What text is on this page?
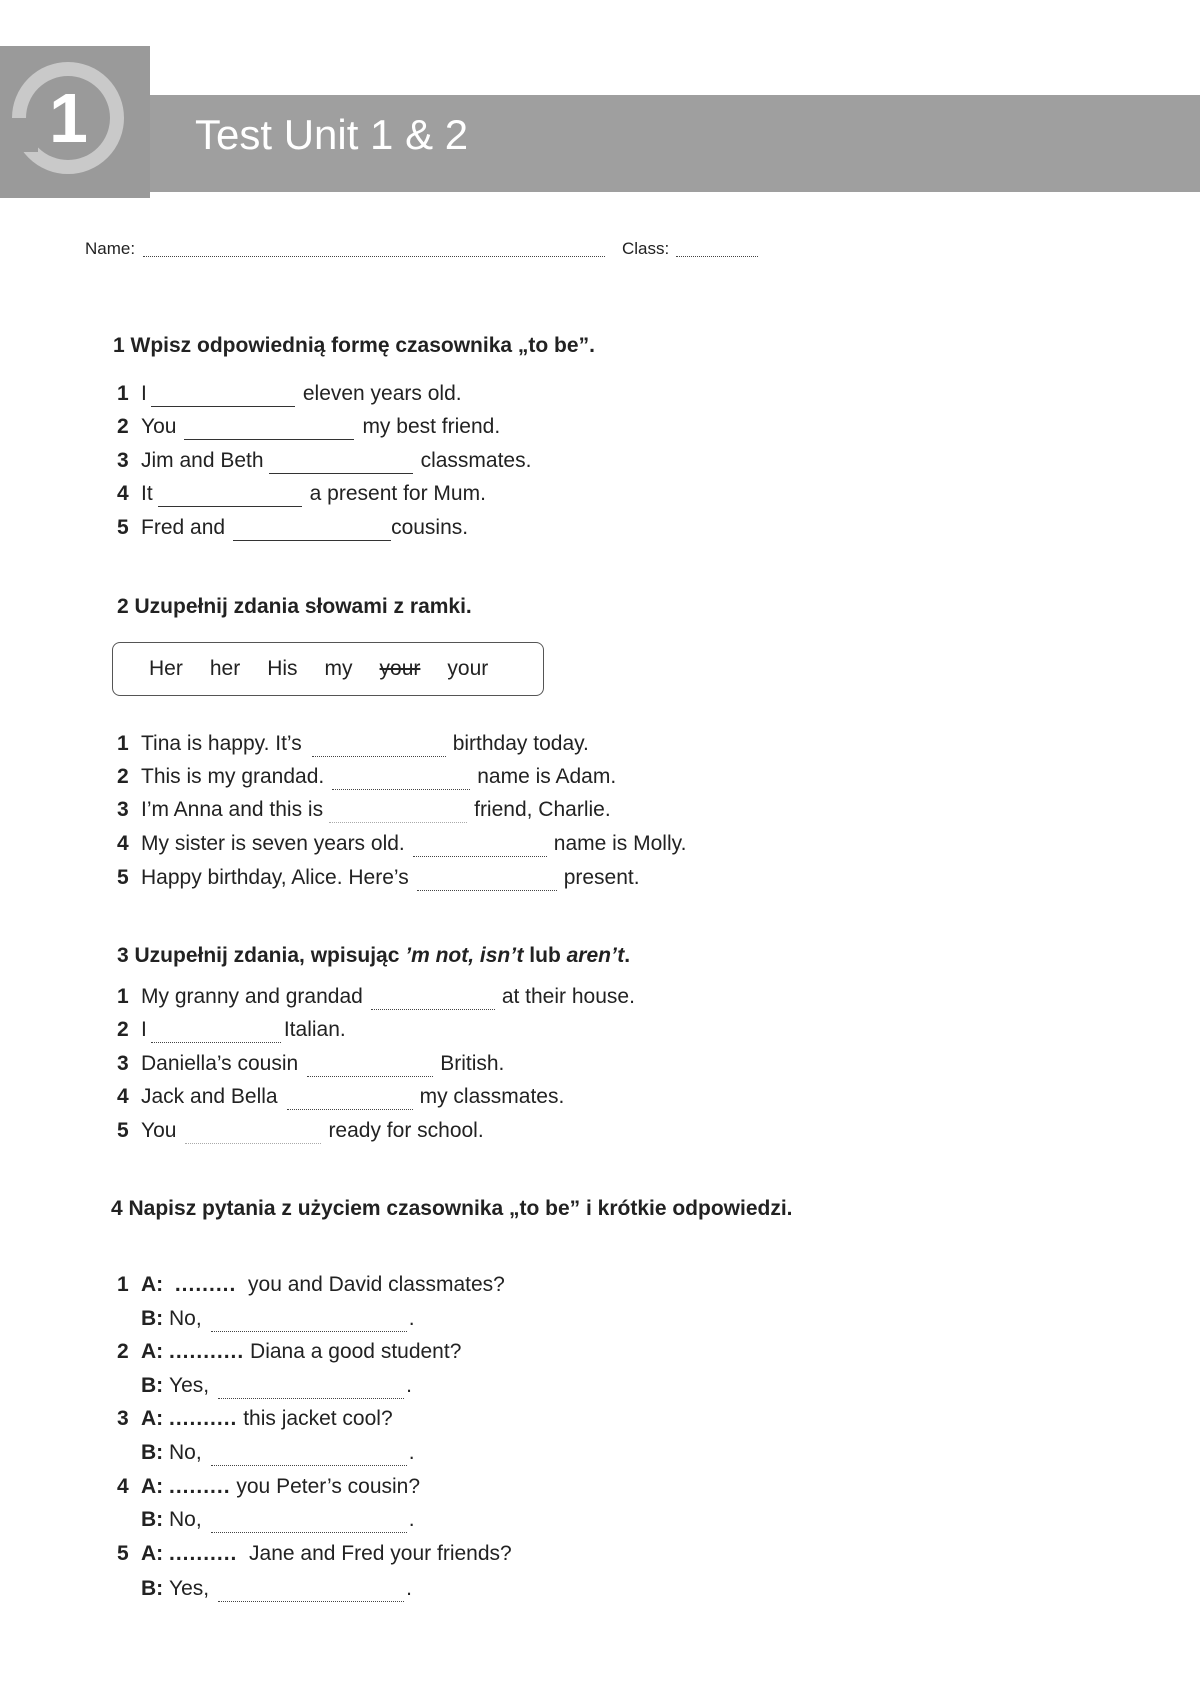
1	Test Unit 1 & 2
Name:	Class:
1 Wpisz odpowiednią formę czasownika „to be”.
1 I	eleven years old.
2 You	my best friend.
3 Jim and Beth	classmates.
4 It	a present for Mum.
5 Fred and	cousins.
2 Uzupełnij zdania słowami z ramki.
Her her His my your your
1 Tina is happy. It’s	birthday today.
2 This is my grandad.	name is Adam.
3 I’m Anna and this is	friend, Charlie.
4 My sister is seven years old.	name is Molly.
5 Happy birthday, Alice. Here’s	present.
3 Uzupełnij zdania, wpisując ’m not, isn’t lub aren’t.
1 My granny and grandad	at their house.
2 I	Italian.
3 Daniella’s cousin	British.
4 Jack and Bella	my classmates.
5 You	ready for school.
4 Napisz pytania z użyciem czasownika „to be” i krótkie odpowiedzi.
1 A:
.........
you and David classmates?
B:
No,	.
2 A:
...........
Diana a good student?
B:
Yes,	.
3 A:
..........
this jacket cool?
B:
No,	.
4 A:
.........
you Peter’s cousin?
B:
No,	.
5 A:
..........
Jane and Fred your friends?
B:
Yes,	.
